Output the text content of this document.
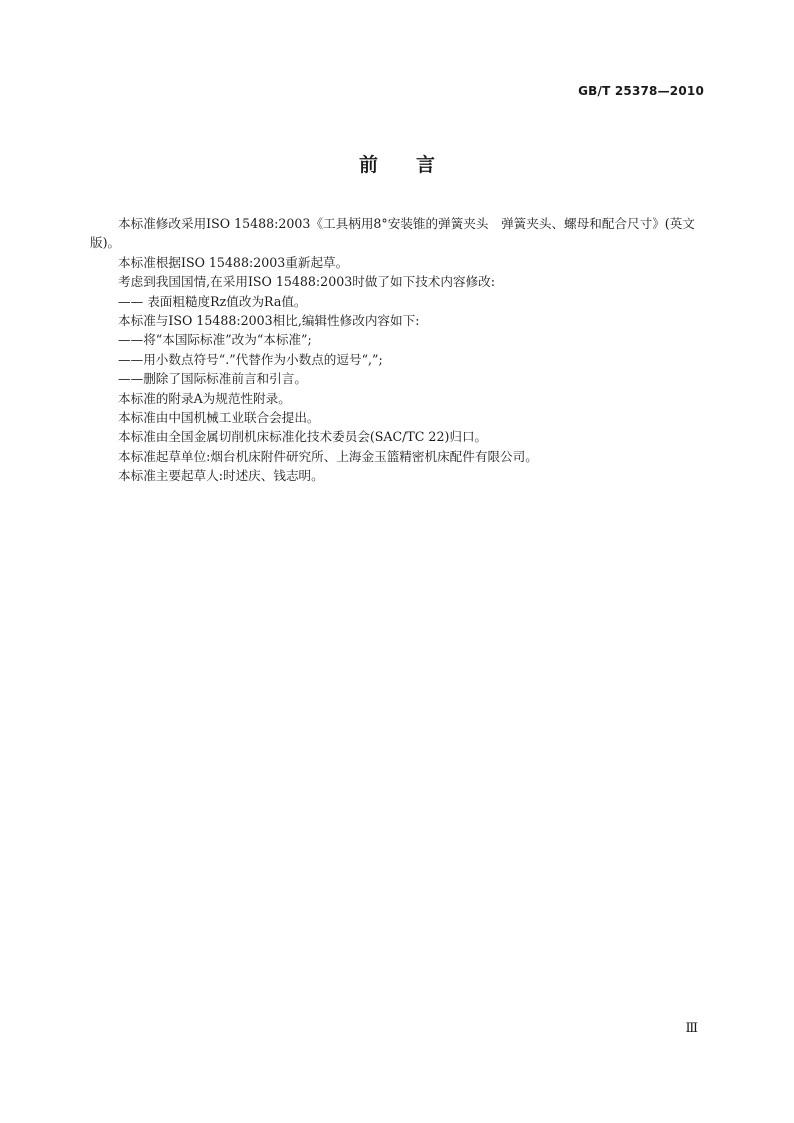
GB/T 25378—2010
前言

本标准修改采用ISO 15488:2003《工具柄用8°安装锥的弹簧夹头　弹簧夹头、螺母和配合尺寸》(英文版)。

本标准根据ISO 15488:2003重新起草。

考虑到我国国情,在采用ISO 15488:2003时做了如下技术内容修改:

—— 表面粗糙度Rz值改为Ra值。

本标准与ISO 15488:2003相比,编辑性修改内容如下:

——将“本国际标准”改为“本标准”;

——用小数点符号“.”代替作为小数点的逗号“,”;

——删除了国际标准前言和引言。

本标准的附录A为规范性附录。

本标准由中国机械工业联合会提出。

本标准由全国金属切削机床标准化技术委员会(SAC/TC 22)归口。

本标准起草单位:烟台机床附件研究所、上海金玉篮精密机床配件有限公司。

本标准主要起草人:时述庆、钱志明。

Ⅲ
